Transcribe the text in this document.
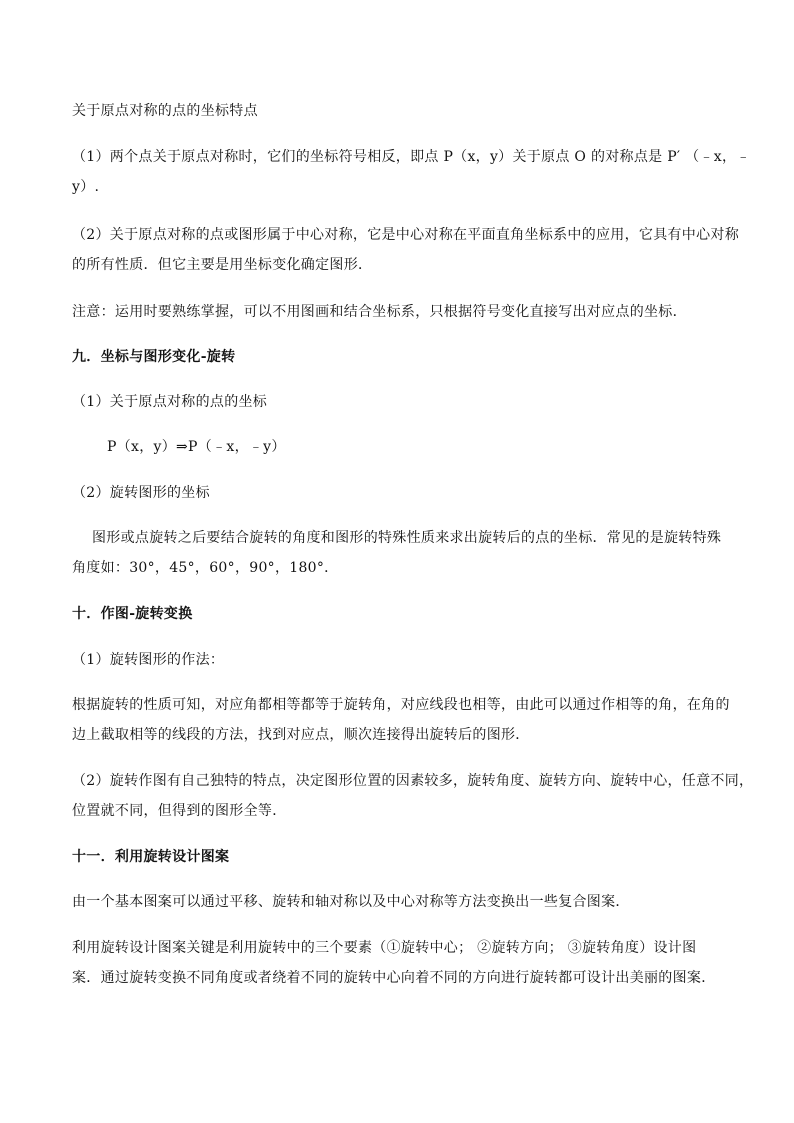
关于原点对称的点的坐标特点
（1）两个点关于原点对称时，它们的坐标符号相反，即点 P（x，y）关于原点 O 的对称点是 P′ （﹣x，﹣
y）.
（2）关于原点对称的点或图形属于中心对称，它是中心对称在平面直角坐标系中的应用，它具有中心对称
的所有性质．但它主要是用坐标变化确定图形．
注意：运用时要熟练掌握，可以不用图画和结合坐标系，只根据符号变化直接写出对应点的坐标．
九．坐标与图形变化-旋转
（1）关于原点对称的点的坐标
P（x，y）⇒P（﹣x，﹣y）
（2）旋转图形的坐标
图形或点旋转之后要结合旋转的角度和图形的特殊性质来求出旋转后的点的坐标．常见的是旋转特殊
角度如：30°，45°，60°，90°，180°．
十．作图-旋转变换
（1）旋转图形的作法：
根据旋转的性质可知，对应角都相等都等于旋转角，对应线段也相等，由此可以通过作相等的角，在角的
边上截取相等的线段的方法，找到对应点，顺次连接得出旋转后的图形．
（2）旋转作图有自己独特的特点，决定图形位置的因素较多，旋转角度、旋转方向、旋转中心，任意不同，
位置就不同，但得到的图形全等．
十一．利用旋转设计图案
由一个基本图案可以通过平移、旋转和轴对称以及中心对称等方法变换出一些复合图案．
利用旋转设计图案关键是利用旋转中的三个要素（①旋转中心； ②旋转方向； ③旋转角度）设计图
案．通过旋转变换不同角度或者绕着不同的旋转中心向着不同的方向进行旋转都可设计出美丽的图案．
